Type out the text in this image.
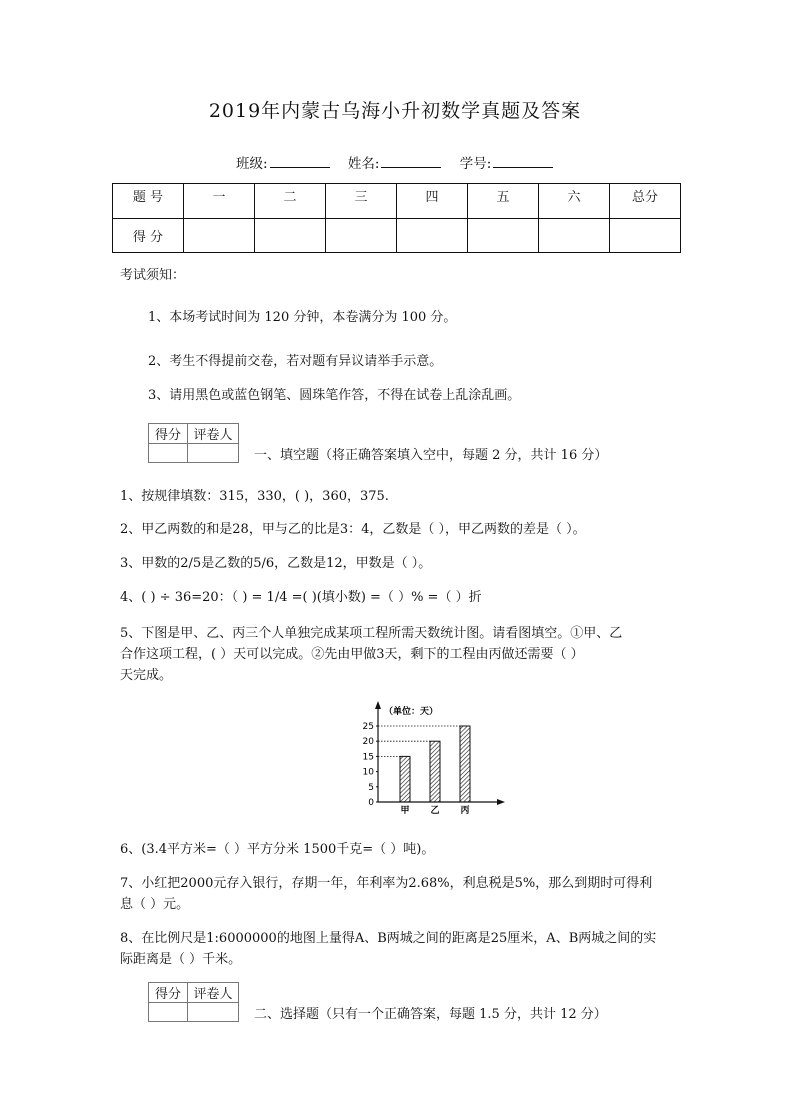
2019年内蒙古乌海小升初数学真题及答案
班级:	姓名:	学号:
题 号	一	二	三	四	五	六	总分
得 分							
考试须知：
1、本场考试时间为 120 分钟，本卷满分为 100 分。
2、考生不得提前交卷，若对题有异议请举手示意。
3、请用黑色或蓝色钢笔、圆珠笔作答，不得在试卷上乱涂乱画。
得分	评卷人

一、填空题（将正确答案填入空中，每题 2 分，共计 16 分）
1、按规律填数：315，330，( )，360，375.
2、甲乙两数的和是28，甲与乙的比是3：4，乙数是（ ），甲乙两数的差是（ ）。
3、甲数的2/5是乙数的5/6，乙数是12，甲数是（ ）。
4、( ) ÷ 36=20：（ ) = 1/4 =( )(填小数) =（ ）% =（ ）折
5、下图是甲、乙、丙三个人单独完成某项工程所需天数统计图。请看图填空。①甲、乙
合作这项工程，( ）天可以完成。②先由甲做3天，剩下的工程由丙做还需要（ ）
天完成。
（单位：天）
0
5
10
15
20
25
甲 乙 丙
6、(3.4平方米=（ ）平方分米 1500千克=（ ）吨)。
7、小红把2000元存入银行，存期一年，年利率为2.68%，利息税是5%，那么到期时可得利
息（ ）元。
8、在比例尺是1:6000000的地图上量得A、B两城之间的距离是25厘米，A、B两城之间的实
际距离是（ ）千米。
得分	评卷人

二、选择题（只有一个正确答案，每题 1.5 分，共计 12 分）
